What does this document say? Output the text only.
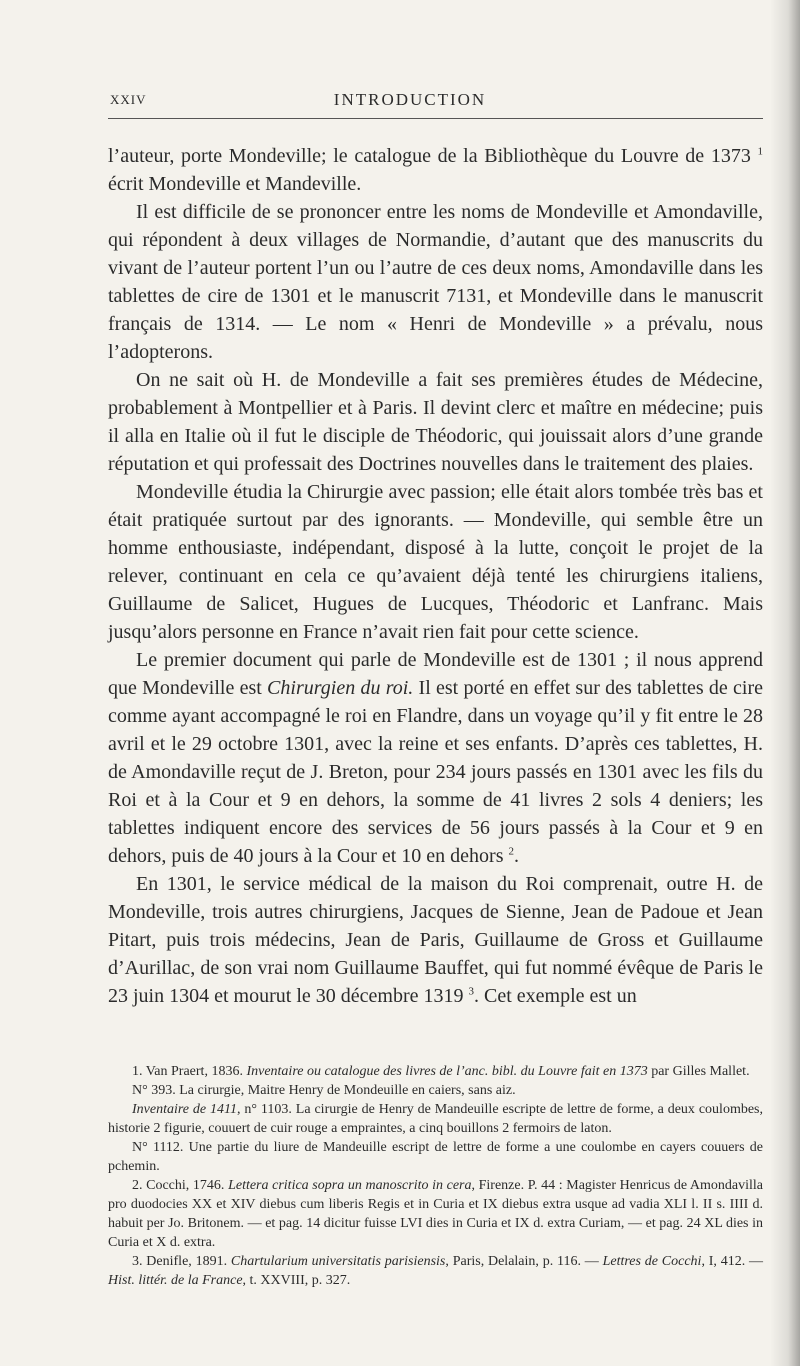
XXIV	INTRODUCTION

l’auteur, porte Mondeville; le catalogue de la Bibliothèque du Louvre de 1373 $^1$ écrit Mondeville et Mandeville.

Il est difficile de se prononcer entre les noms de Mondeville et Amondaville, qui répondent à deux villages de Normandie, d’autant que des manuscrits du vivant de l’auteur portent l’un ou l’autre de ces deux noms, Amondaville dans les tablettes de cire de 1301 et le manuscrit 7131, et Mondeville dans le manuscrit français de 1314. — Le nom « Henri de Mondeville » a prévalu, nous l’adopterons.

On ne sait où H. de Mondeville a fait ses premières études de Médecine, probablement à Montpellier et à Paris. Il devint clerc et maître en médecine; puis il alla en Italie où il fut le disciple de Théodoric, qui jouissait alors d’une grande réputation et qui professait des Doctrines nouvelles dans le traitement des plaies.

Mondeville étudia la Chirurgie avec passion; elle était alors tombée très bas et était pratiquée surtout par des ignorants. — Mondeville, qui semble être un homme enthousiaste, indépendant, disposé à la lutte, conçoit le projet de la relever, continuant en cela ce qu’avaient déjà tenté les chirurgiens italiens, Guillaume de Salicet, Hugues de Lucques, Théodoric et Lanfranc. Mais jusqu’alors personne en France n’avait rien fait pour cette science.

Le premier document qui parle de Mondeville est de 1301 ; il nous apprend que Mondeville est Chirurgien du roi. Il est porté en effet sur des tablettes de cire comme ayant accompagné le roi en Flandre, dans un voyage qu’il y fit entre le 28 avril et le 29 octobre 1301, avec la reine et ses enfants. D’après ces tablettes, H. de Amondaville reçut de J. Breton, pour 234 jours passés en 1301 avec les fils du Roi et à la Cour et 9 en dehors, la somme de 41 livres 2 sols 4 deniers; les tablettes indiquent encore des services de 56 jours passés à la Cour et 9 en dehors, puis de 40 jours à la Cour et 10 en dehors $^2$.

En 1301, le service médical de la maison du Roi comprenait, outre H. de Mondeville, trois autres chirurgiens, Jacques de Sienne, Jean de Padoue et Jean Pitart, puis trois médecins, Jean de Paris, Guillaume de Gross et Guillaume d’Aurillac, de son vrai nom Guillaume Bauffet, qui fut nommé évêque de Paris le 23 juin 1304 et mourut le 30 décembre 1319 $^3$. Cet exemple est un

1. Van Praert, 1836. Inventaire ou catalogue des livres de l’anc. bibl. du Louvre fait en 1373 par Gilles Mallet.

N° 393. La cirurgie, Maitre Henry de Mondeuille en caiers, sans aiz.

Inventaire de 1411, n° 1103. La cirurgie de Henry de Mandeuille escripte de lettre de forme, a deux coulombes, historie 2 figurie, couuert de cuir rouge a empraintes, a cinq bouillons 2 fermoirs de laton.

N° 1112. Une partie du liure de Mandeuille escript de lettre de forme a une coulombe en cayers couuers de pchemin.

2. Cocchi, 1746. Lettera critica sopra un manoscrito in cera, Firenze. P. 44 : Magister Henricus de Amondavilla pro duodocies XX et XIV diebus cum liberis Regis et in Curia et IX diebus extra usque ad vadia XLI l. II s. IIII d. habuit per Jo. Britonem. — et pag. 14 dicitur fuisse LVI dies in Curia et IX d. extra Curiam, — et pag. 24 XL dies in Curia et X d. extra.

3. Deniflе, 1891. Chartularium universitatis parisiensis, Paris, Delalain, p. 116. — Lettres de Cocchi, I, 412. — Hist. littér. de la France, t. XXVIII, p. 327.
